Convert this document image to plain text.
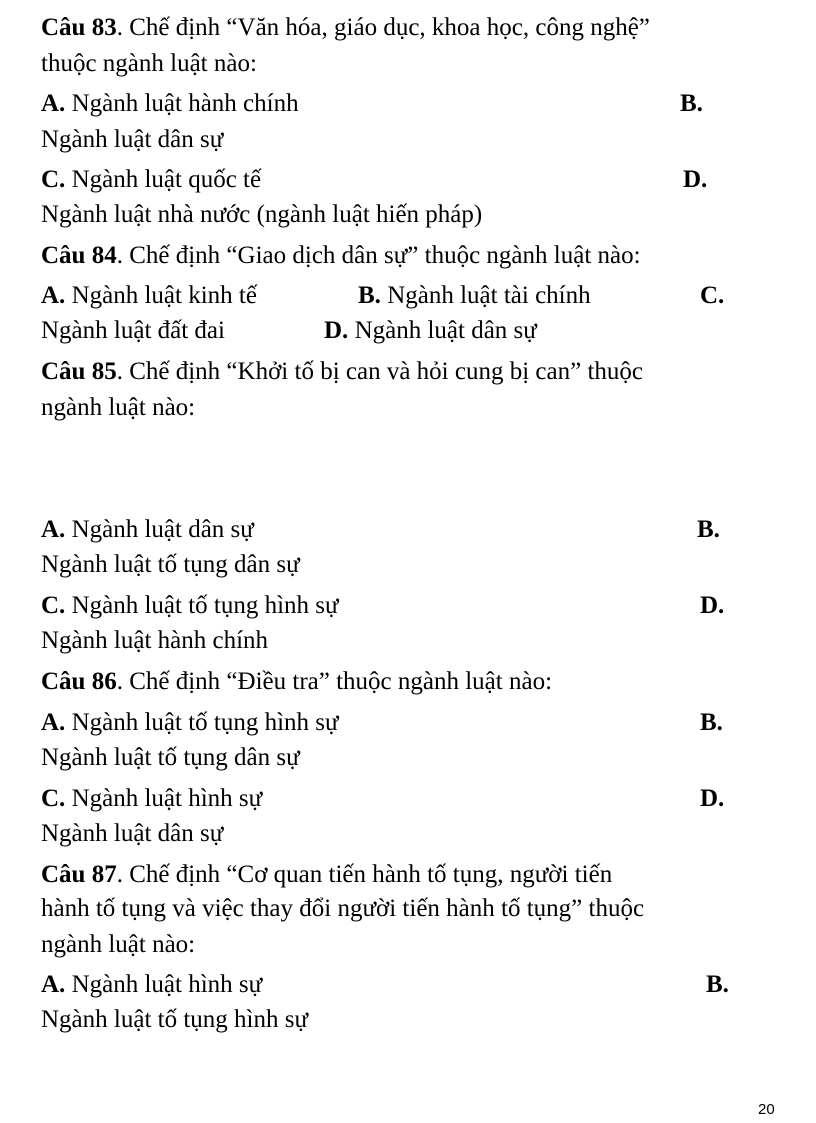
Câu 83. Chế định “Văn hóa, giáo dục, khoa học, công nghệ”
thuộc ngành luật nào:
A. Ngành luật hành chính	B.
Ngành luật dân sự
C. Ngành luật quốc tế	D.
Ngành luật nhà nước (ngành luật hiến pháp)
Câu 84. Chế định “Giao dịch dân sự” thuộc ngành luật nào:
A. Ngành luật kinh tế	B. Ngành luật tài chính	C.
Ngành luật đất đai	D. Ngành luật dân sự
Câu 85. Chế định “Khởi tố bị can và hỏi cung bị can” thuộc
ngành luật nào:
A. Ngành luật dân sự	B.
Ngành luật tố tụng dân sự
C. Ngành luật tố tụng hình sự	D.
Ngành luật hành chính
Câu 86. Chế định “Điều tra” thuộc ngành luật nào:
A. Ngành luật tố tụng hình sự	B.
Ngành luật tố tụng dân sự
C. Ngành luật hình sự	D.
Ngành luật dân sự
Câu 87. Chế định “Cơ quan tiến hành tố tụng, người tiến
hành tố tụng và việc thay đổi người tiến hành tố tụng” thuộc
ngành luật nào:
A. Ngành luật hình sự	B.
Ngành luật tố tụng hình sự
20
